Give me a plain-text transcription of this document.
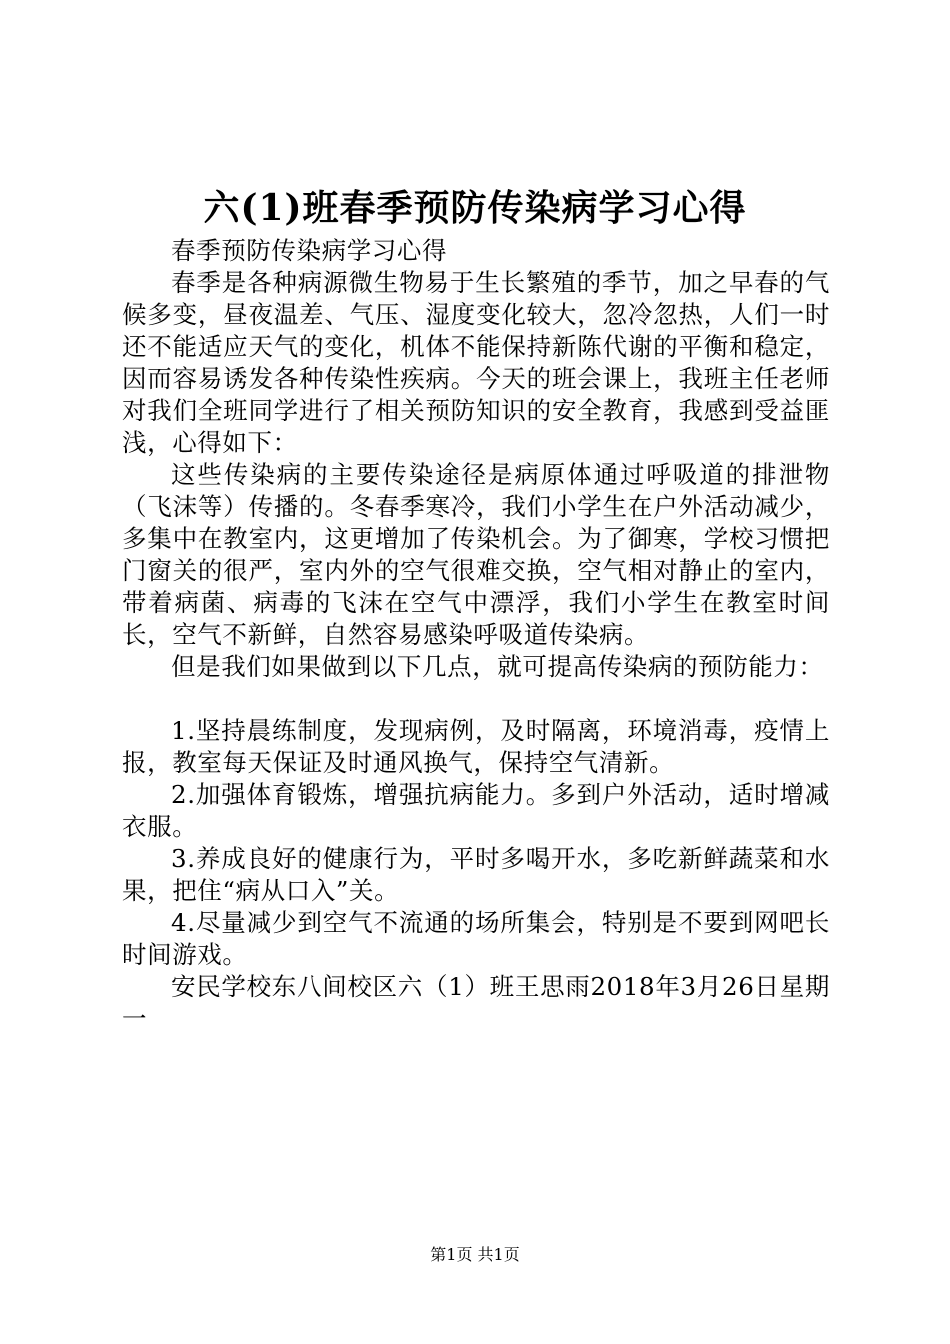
六(1)班春季预防传染病学习心得

春季预防传染病学习心得

春季是各种病源微生物易于生长繁殖的季节，加之早春的气候多变，昼夜温差、气压、湿度变化较大，忽冷忽热，人们一时还不能适应天气的变化，机体不能保持新陈代谢的平衡和稳定，因而容易诱发各种传染性疾病。今天的班会课上，我班主任老师对我们全班同学进行了相关预防知识的安全教育，我感到受益匪浅，心得如下：

这些传染病的主要传染途径是病原体通过呼吸道的排泄物（飞沫等）传播的。冬春季寒冷，我们小学生在户外活动减少，多集中在教室内，这更增加了传染机会。为了御寒，学校习惯把门窗关的很严，室内外的空气很难交换，空气相对静止的室内，带着病菌、病毒的飞沫在空气中漂浮，我们小学生在教室时间长，空气不新鲜，自然容易感染呼吸道传染病。

但是我们如果做到以下几点，就可提高传染病的预防能力：

1.坚持晨练制度，发现病例，及时隔离，环境消毒，疫情上报，教室每天保证及时通风换气，保持空气清新。

2.加强体育锻炼，增强抗病能力。多到户外活动，适时增减衣服。

3.养成良好的健康行为，平时多喝开水，多吃新鲜蔬菜和水果，把住“病从口入”关。

4.尽量减少到空气不流通的场所集会，特别是不要到网吧长时间游戏。

安民学校东八间校区六（1）班王思雨2018年3月26日星期一

第1页 共1页
